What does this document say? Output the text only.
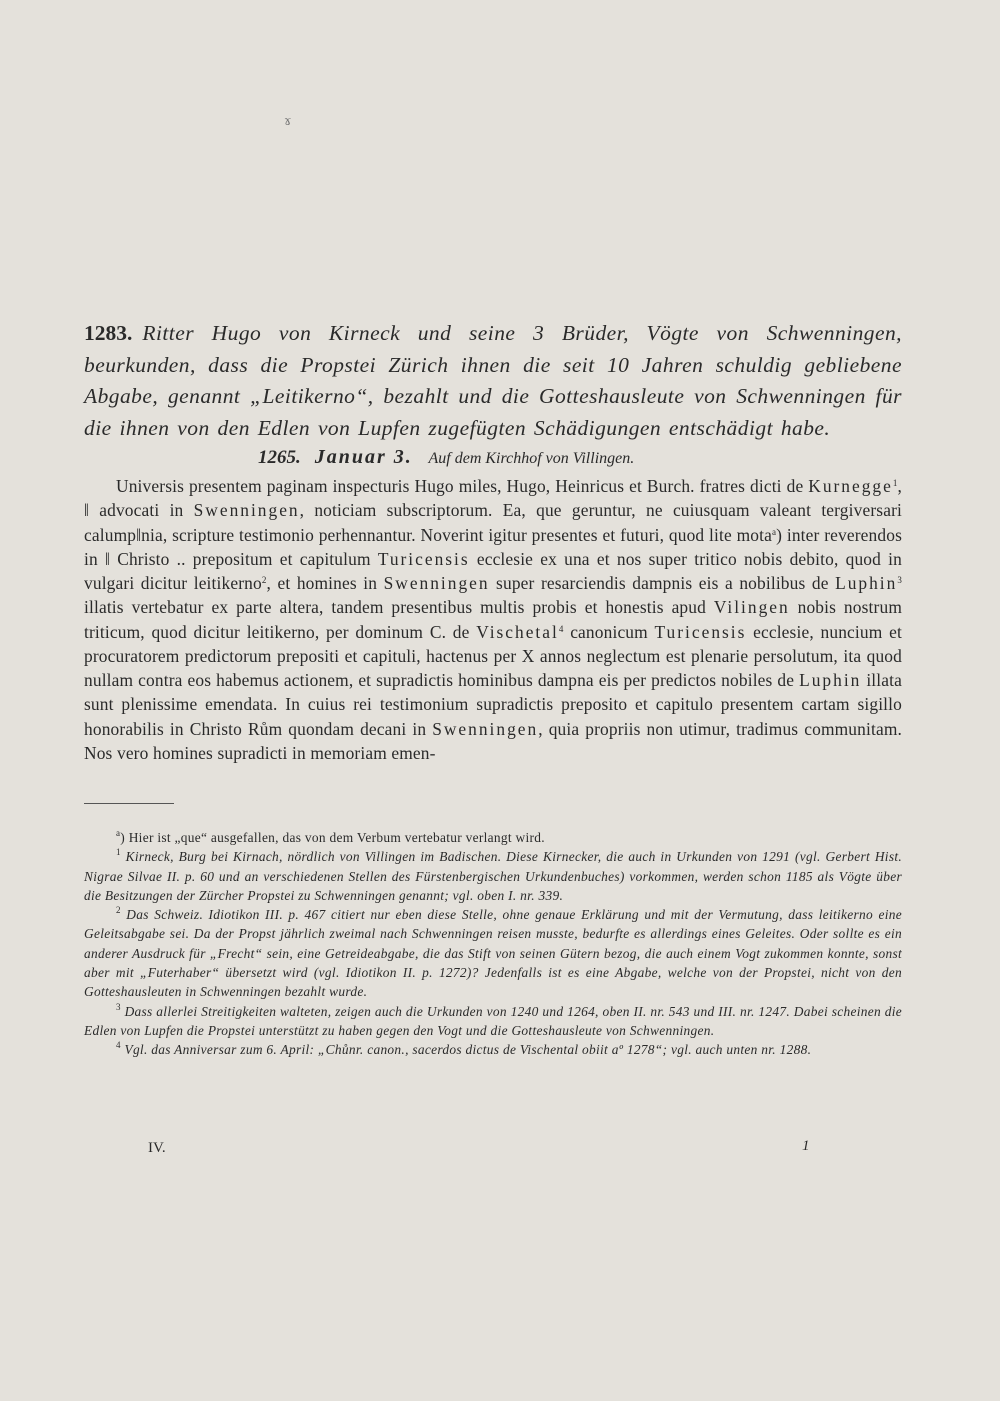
ɤ
1283. Ritter Hugo von Kirneck und seine 3 Brüder, Vögte von Schwenningen, beurkunden, dass die Propstei Zürich ihnen die seit 10 Jahren schuldig gebliebene Abgabe, genannt „Leitikerno“, bezahlt und die Gotteshausleute von Schwenningen für die ihnen von den Edlen von Lupfen zugefügten Schädigungen entschädigt habe.
1265. Januar 3. Auf dem Kirchhof von Villingen.

Universis presentem paginam inspecturis Hugo miles, Hugo, Heinricus et Burch. fratres dicti de Kurnegge$^1$, ‖ advocati in Swenningen, noticiam subscriptorum. Ea, que geruntur, ne cuiusquam valeant tergiversari calump‖nia, scripture testimonio perhennantur. Noverint igitur presentes et futuri, quod lite mota$^a$) inter reverendos in ‖ Christo .. prepositum et capitulum Turicensis ecclesie ex una et nos super tritico nobis debito, quod in vulgari dicitur leitikerno$^2$, et homines in Swenningen super resarciendis dampnis eis a nobilibus de Luphin$^3$ illatis vertebatur ex parte altera, tandem presentibus multis probis et honestis apud Vilingen nobis nostrum triticum, quod dicitur leitikerno, per dominum C. de Vischetal$^4$ canonicum Turicensis ecclesie, nuncium et procuratorem predictorum prepositi et capituli, hactenus per X annos neglectum est plenarie persolutum, ita quod nullam contra eos habemus actionem, et supradictis hominibus dampna eis per predictos nobiles de Luphin illata sunt plenissime emendata. In cuius rei testimonium supradictis preposito et capitulo presentem cartam sigillo honorabilis in Christo Rům quondam decani in Swenningen, quia propriis non utimur, tradimus communitam. Nos vero homines supradicti in memoriam emen-

$^a$) Hier ist „que“ ausgefallen, das von dem Verbum vertebatur verlangt wird.

$^1$ Kirneck, Burg bei Kirnach, nördlich von Villingen im Badischen. Diese Kirnecker, die auch in Urkunden von 1291 (vgl. Gerbert Hist. Nigrae Silvae II. p. 60 und an verschiedenen Stellen des Fürstenbergischen Urkundenbuches) vorkommen, werden schon 1185 als Vögte über die Besitzungen der Zürcher Propstei zu Schwenningen genannt; vgl. oben I. nr. 339.

$^2$ Das Schweiz. Idiotikon III. p. 467 citiert nur eben diese Stelle, ohne genaue Erklärung und mit der Vermutung, dass leitikerno eine Geleitsabgabe sei. Da der Propst jährlich zweimal nach Schwenningen reisen musste, bedurfte es allerdings eines Geleites. Oder sollte es ein anderer Ausdruck für „Frecht“ sein, eine Getreideabgabe, die das Stift von seinen Gütern bezog, die auch einem Vogt zukommen konnte, sonst aber mit „Futerhaber“ übersetzt wird (vgl. Idiotikon II. p. 1272)? Jedenfalls ist es eine Abgabe, welche von der Propstei, nicht von den Gotteshausleuten in Schwenningen bezahlt wurde.

$^3$ Dass allerlei Streitigkeiten walteten, zeigen auch die Urkunden von 1240 und 1264, oben II. nr. 543 und III. nr. 1247. Dabei scheinen die Edlen von Lupfen die Propstei unterstützt zu haben gegen den Vogt und die Gotteshausleute von Schwenningen.

$^4$ Vgl. das Anniversar zum 6. April: „Chůnr. canon., sacerdos dictus de Vischental obiit aº 1278“; vgl. auch unten nr. 1288.

IV.	1
